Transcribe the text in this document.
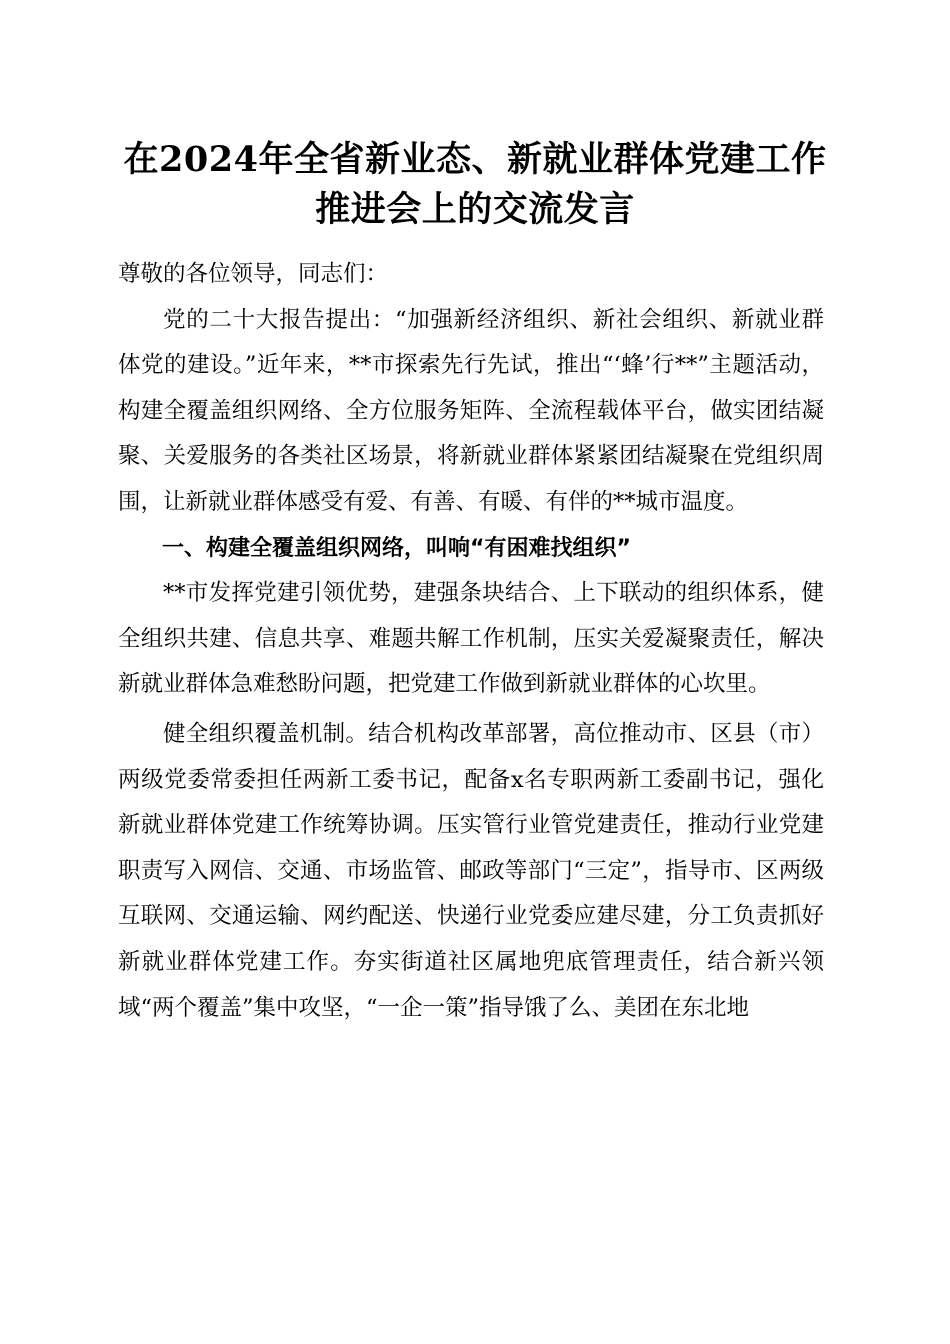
在2024年全省新业态、新就业群体党建工作
推进会上的交流发言

尊敬的各位领导，同志们：

党的二十大报告提出：“加强新经济组织、新社会组织、新就业群体党的建设。”近年来，**市探索先行先试，推出“‘蜂’行**”主题活动，构建全覆盖组织网络、全方位服务矩阵、全流程载体平台，做实团结凝聚、关爱服务的各类社区场景，将新就业群体紧紧团结凝聚在党组织周围，让新就业群体感受有爱、有善、有暖、有伴的**城市温度。

一、构建全覆盖组织网络，叫响“有困难找组织”

**市发挥党建引领优势，建强条块结合、上下联动的组织体系，健全组织共建、信息共享、难题共解工作机制，压实关爱凝聚责任，解决新就业群体急难愁盼问题，把党建工作做到新就业群体的心坎里。

健全组织覆盖机制。结合机构改革部署，高位推动市、区县（市）两级党委常委担任两新工委书记，配备x名专职两新工委副书记，强化新就业群体党建工作统筹协调。压实管行业管党建责任，推动行业党建职责写入网信、交通、市场监管、邮政等部门“三定”，指导市、区两级互联网、交通运输、网约配送、快递行业党委应建尽建，分工负责抓好新就业群体党建工作。夯实街道社区属地兜底管理责任，结合新兴领域“两个覆盖”集中攻坚，“一企一策”指导饿了么、美团在东北地
